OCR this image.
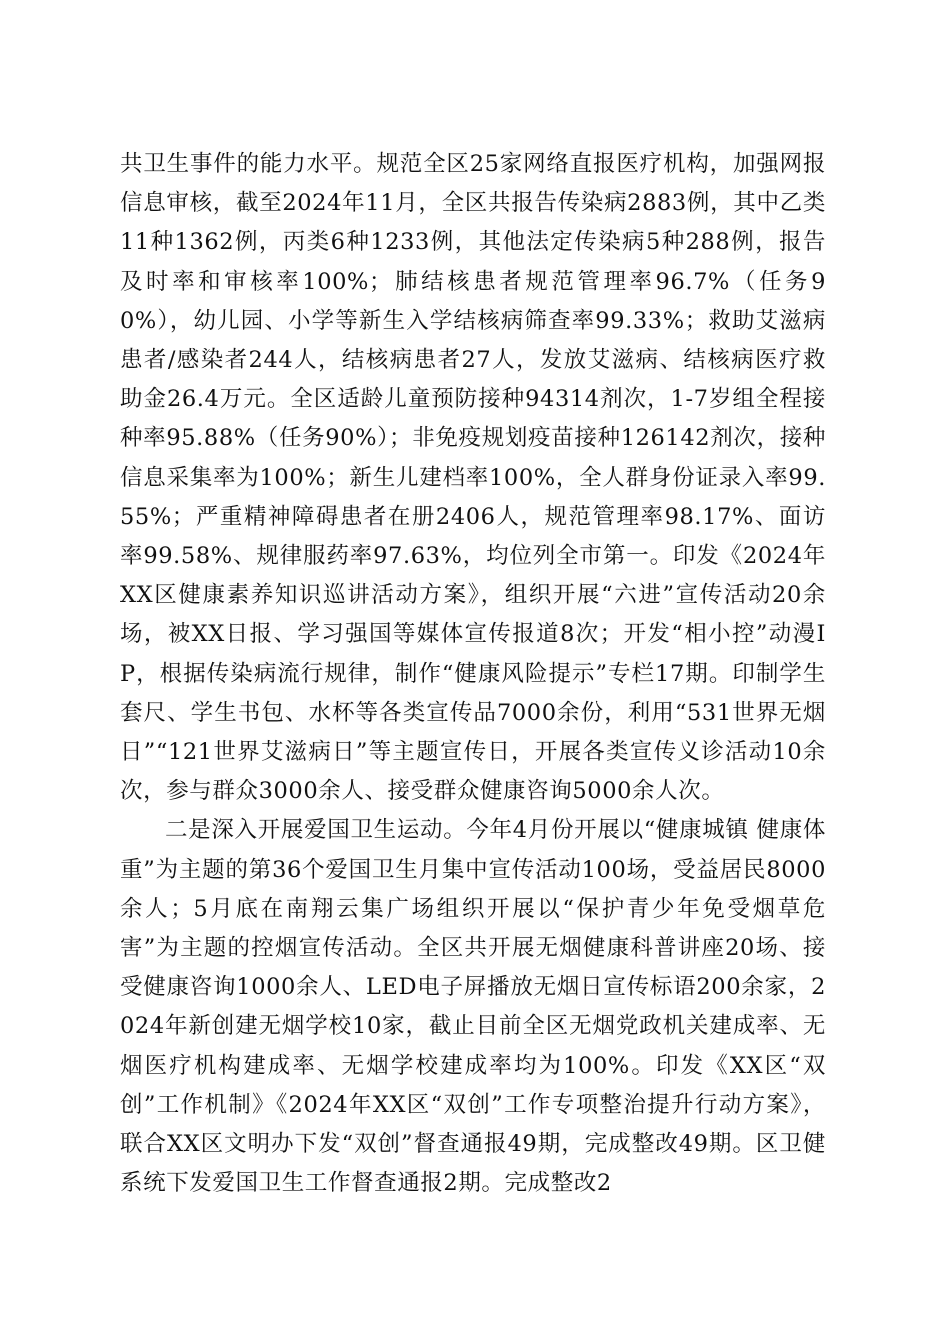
共卫生事件的能力水平。规范全区25家网络直报医疗机构，加强网报信息审核，截至2024年11月，全区共报告传染病2883例，其中乙类11种1362例，丙类6种1233例，其他法定传染病5种288例，报告及时率和审核率100%；肺结核患者规范管理率96.7%（任务90%），幼儿园、小学等新生入学结核病筛查率99.33%；救助艾滋病患者/感染者244人，结核病患者27人，发放艾滋病、结核病医疗救助金26.4万元。全区适龄儿童预防接种94314剂次，1-7岁组全程接种率95.88%（任务90%）；非免疫规划疫苗接种126142剂次，接种信息采集率为100%；新生儿建档率100%，全人群身份证录入率99.55%；严重精神障碍患者在册2406人，规范管理率98.17%、面访率99.58%、规律服药率97.63%，均位列全市第一。印发《2024年XX区健康素养知识巡讲活动方案》，组织开展“六进”宣传活动20余场，被XX日报、学习强国等媒体宣传报道8次；开发“相小控”动漫IP，根据传染病流行规律，制作“健康风险提示”专栏17期。印制学生套尺、学生书包、水杯等各类宣传品7000余份，利用“531世界无烟日”“121世界艾滋病日”等主题宣传日，开展各类宣传义诊活动10余次，参与群众3000余人、接受群众健康咨询5000余人次。

二是深入开展爱国卫生运动。今年4月份开展以“健康城镇 健康体重”为主题的第36个爱国卫生月集中宣传活动100场，受益居民8000余人；5月底在南翔云集广场组织开展以“保护青少年免受烟草危害”为主题的控烟宣传活动。全区共开展无烟健康科普讲座20场、接受健康咨询1000余人、LED电子屏播放无烟日宣传标语200余家，2024年新创建无烟学校10家，截止目前全区无烟党政机关建成率、无烟医疗机构建成率、无烟学校建成率均为100%。印发《XX区“双创”工作机制》《2024年XX区“双创”工作专项整治提升行动方案》，联合XX区文明办下发“双创”督查通报49期，完成整改49期。区卫健系统下发爱国卫生工作督查通报2期。完成整改2
